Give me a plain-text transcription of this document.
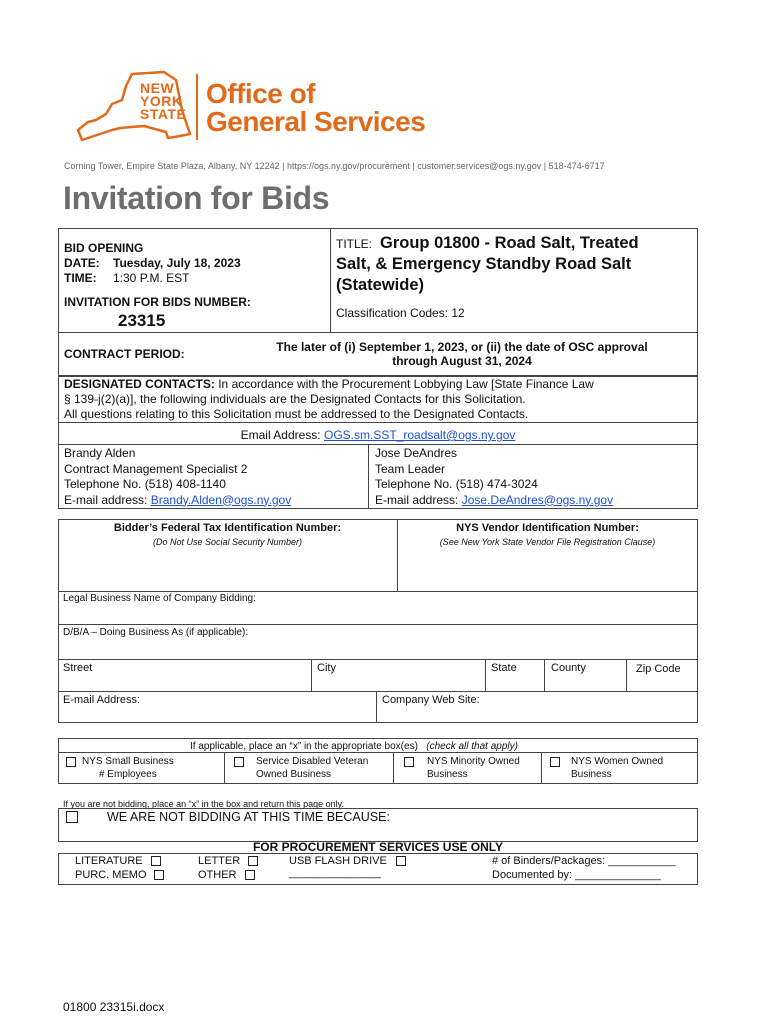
NEW
YORK
STATE
Office of
General Services
Corning Tower, Empire State Plaza, Albany, NY 12242 | https://ogs.ny.gov/procurement | customer.services@ogs.ny.gov | 518-474-6717
Invitation for Bids
BID OPENING
DATE: Tuesday, July 18, 2023
TIME: 1:30 P.M. EST
INVITATION FOR BIDS NUMBER:
23315
TITLE: Group 01800 - Road Salt, Treated
Salt, & Emergency Standby Road Salt
(Statewide)
Classification Codes: 12
CONTRACT PERIOD:	The later of (i) September 1, 2023, or (ii) the date of OSC approval
through August 31, 2024
DESIGNATED CONTACTS: In accordance with the Procurement Lobbying Law [State Finance Law
§ 139-j(2)(a)], the following individuals are the Designated Contacts for this Solicitation.
All questions relating to this Solicitation must be addressed to the Designated Contacts.
Email Address: OGS.sm.SST_roadsalt@ogs.ny.gov
Brandy Alden
Contract Management Specialist 2
Telephone No. (518) 408-1140
E-mail address: Brandy.Alden@ogs.ny.gov
Jose DeAndres
Team Leader
Telephone No. (518) 474-3024
E-mail address: Jose.DeAndres@ogs.ny.gov
Bidder’s Federal Tax Identification Number:
(Do Not Use Social Security Number)
NYS Vendor Identification Number:
(See New York State Vendor File Registration Clause)
Legal Business Name of Company Bidding:
D/B/A – Doing Business As (if applicable):
Street	City	State	County	Zip Code
E-mail Address:	Company Web Site:
If applicable, place an “x” in the appropriate box(es) (check all that apply)
NYS Small Business
# Employees
Service Disabled Veteran
Owned Business
NYS Minority Owned
Business
NYS Women Owned
Business
If you are not bidding, place an “x” in the box and return this page only.
WE ARE NOT BIDDING AT THIS TIME BECAUSE:
FOR PROCUREMENT SERVICES USE ONLY
LITERATURE
PURC. MEMO
LETTER
OTHER
USB FLASH DRIVE
_______________
# of Binders/Packages: ___________
Documented by: ______________
01800 23315i.docx
